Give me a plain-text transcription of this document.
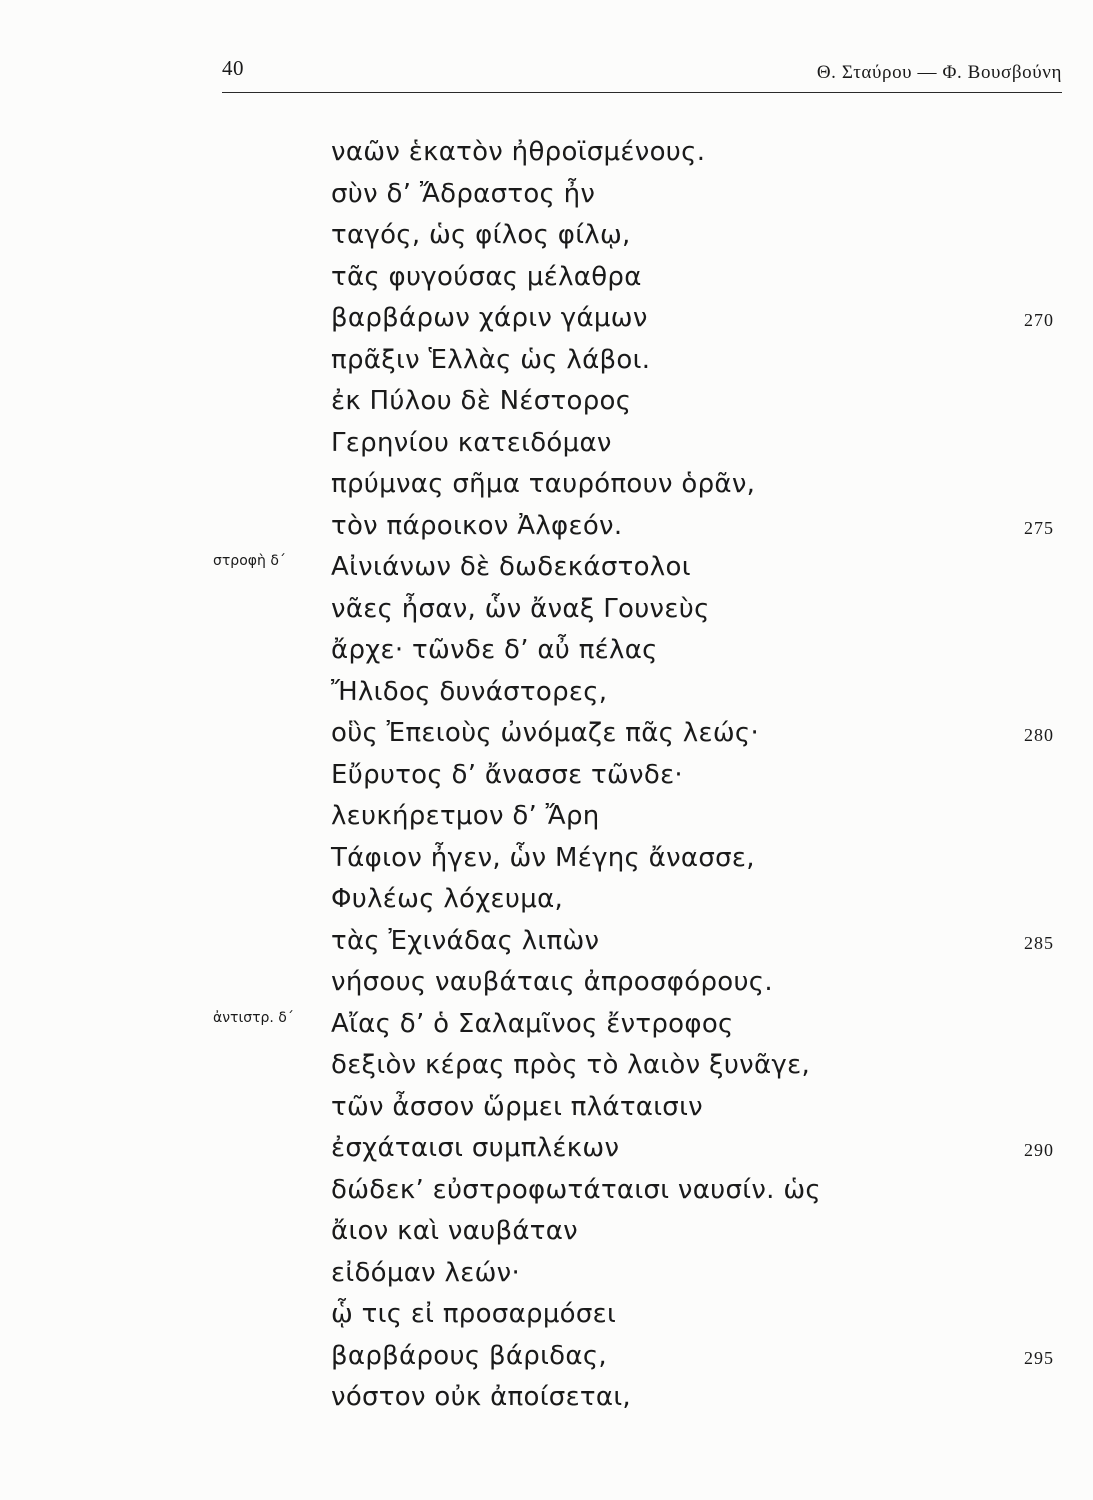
40	Θ. Σταύρου — Φ. Βουσβούνη
ναῶν ἑκατὸν ἠθροϊσμένους.
σὺν δ’ Ἄδραστος ἦν
ταγός, ὡς φίλος φίλῳ,
τᾶς φυγούσας μέλαθρα
βαρβάρων χάριν γάμων
πρᾶξιν Ἑλλὰς ὡς λάβοι.
ἐκ Πύλου δὲ Νέστορος
Γερηνίου κατειδόμαν
πρύμνας σῆμα ταυρόπουν ὁρᾶν,
τὸν πάροικον Ἀλφεόν.
Αἰνιάνων δὲ δωδεκάστολοι
νᾶες ἦσαν, ὧν ἄναξ Γουνεὺς
ἄρχε· τῶνδε δ’ αὖ πέλας
Ἤλιδος δυνάστορες,
οὓς Ἐπειοὺς ὠνόμαζε πᾶς λεώς·
Εὔρυτος δ’ ἄνασσε τῶνδε·
λευκήρετμον δ’ Ἄρη
Τάφιον ἦγεν, ὧν Μέγης ἄνασσε,
Φυλέως λόχευμα,
τὰς Ἐχινάδας λιπὼν
νήσους ναυβάταις ἀπροσφόρους.
Αἴας δ’ ὁ Σαλαμῖνος ἔντροφος
δεξιὸν κέρας πρὸς τὸ λαιὸν ξυνᾶγε,
τῶν ἆσσον ὥρμει πλάταισιν
ἐσχάταισι συμπλέκων
δώδεκ’ εὐστροφωτάταισι ναυσίν. ὡς
ἄιον καὶ ναυβάταν
εἰδόμαν λεών·
ᾧ τις εἰ προσαρμόσει
βαρβάρους βάριδας,
νόστον οὐκ ἀποίσεται,
270
275
280
285
290
295
στροφὴ δ΄
ἀντιστρ. δ΄
